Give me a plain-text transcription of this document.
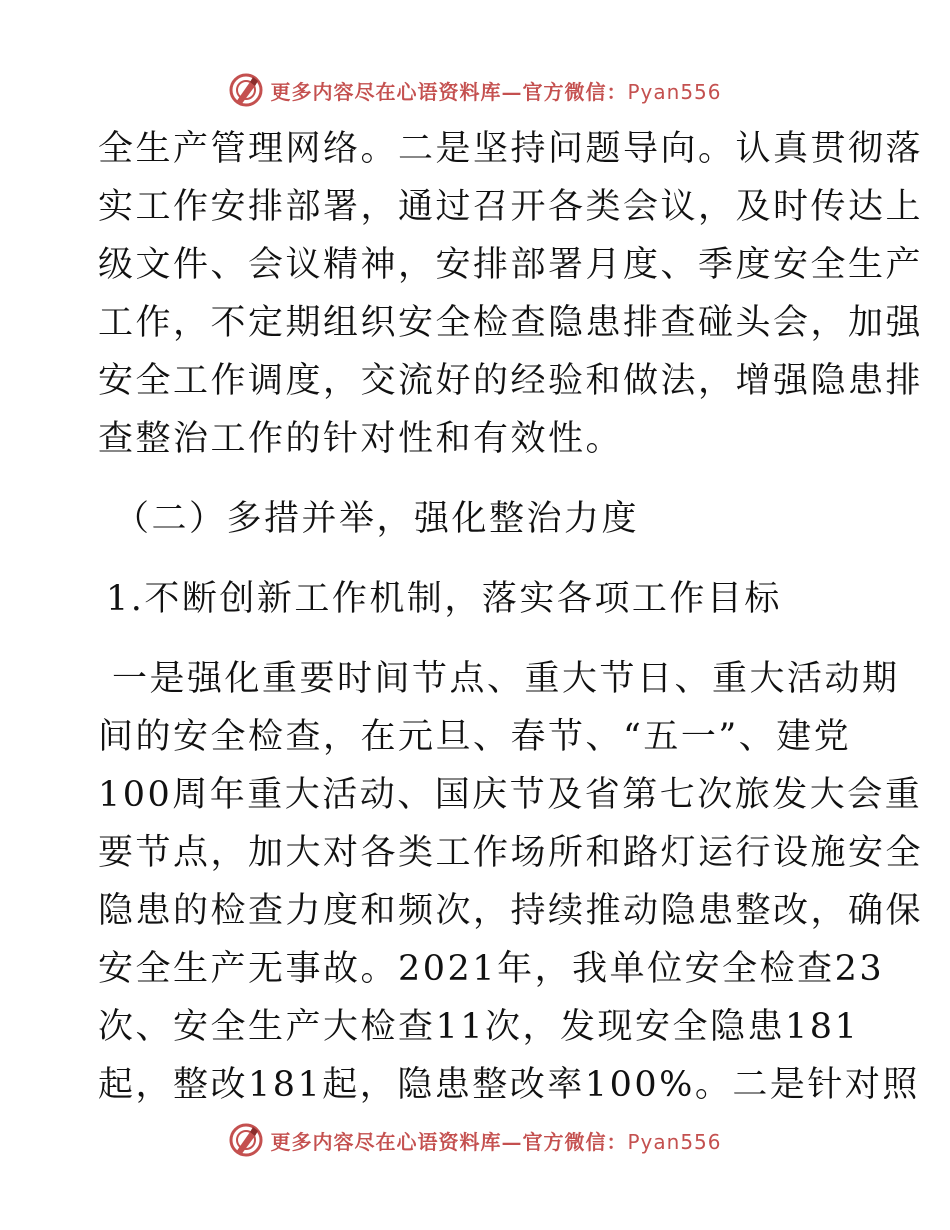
更多内容尽在心语资料库—官方微信：Pyan556
全生产管理网络。二是坚持问题导向。认真贯彻落
实工作安排部署，通过召开各类会议，及时传达上
级文件、会议精神，安排部署月度、季度安全生产
工作，不定期组织安全检查隐患排查碰头会，加强
安全工作调度，交流好的经验和做法，增强隐患排
查整治工作的针对性和有效性。
（二）多措并举，强化整治力度
1.不断创新工作机制，落实各项工作目标
一是强化重要时间节点、重大节日、重大活动期
间的安全检查，在元旦、春节、“五一”、建党
100周年重大活动、国庆节及省第七次旅发大会重
要节点，加大对各类工作场所和路灯运行设施安全
隐患的检查力度和频次，持续推动隐患整改，确保
安全生产无事故。2021年，我单位安全检查23
次、安全生产大检查11次，发现安全隐患181
起，整改181起，隐患整改率100%。二是针对照
更多内容尽在心语资料库—官方微信：Pyan556
